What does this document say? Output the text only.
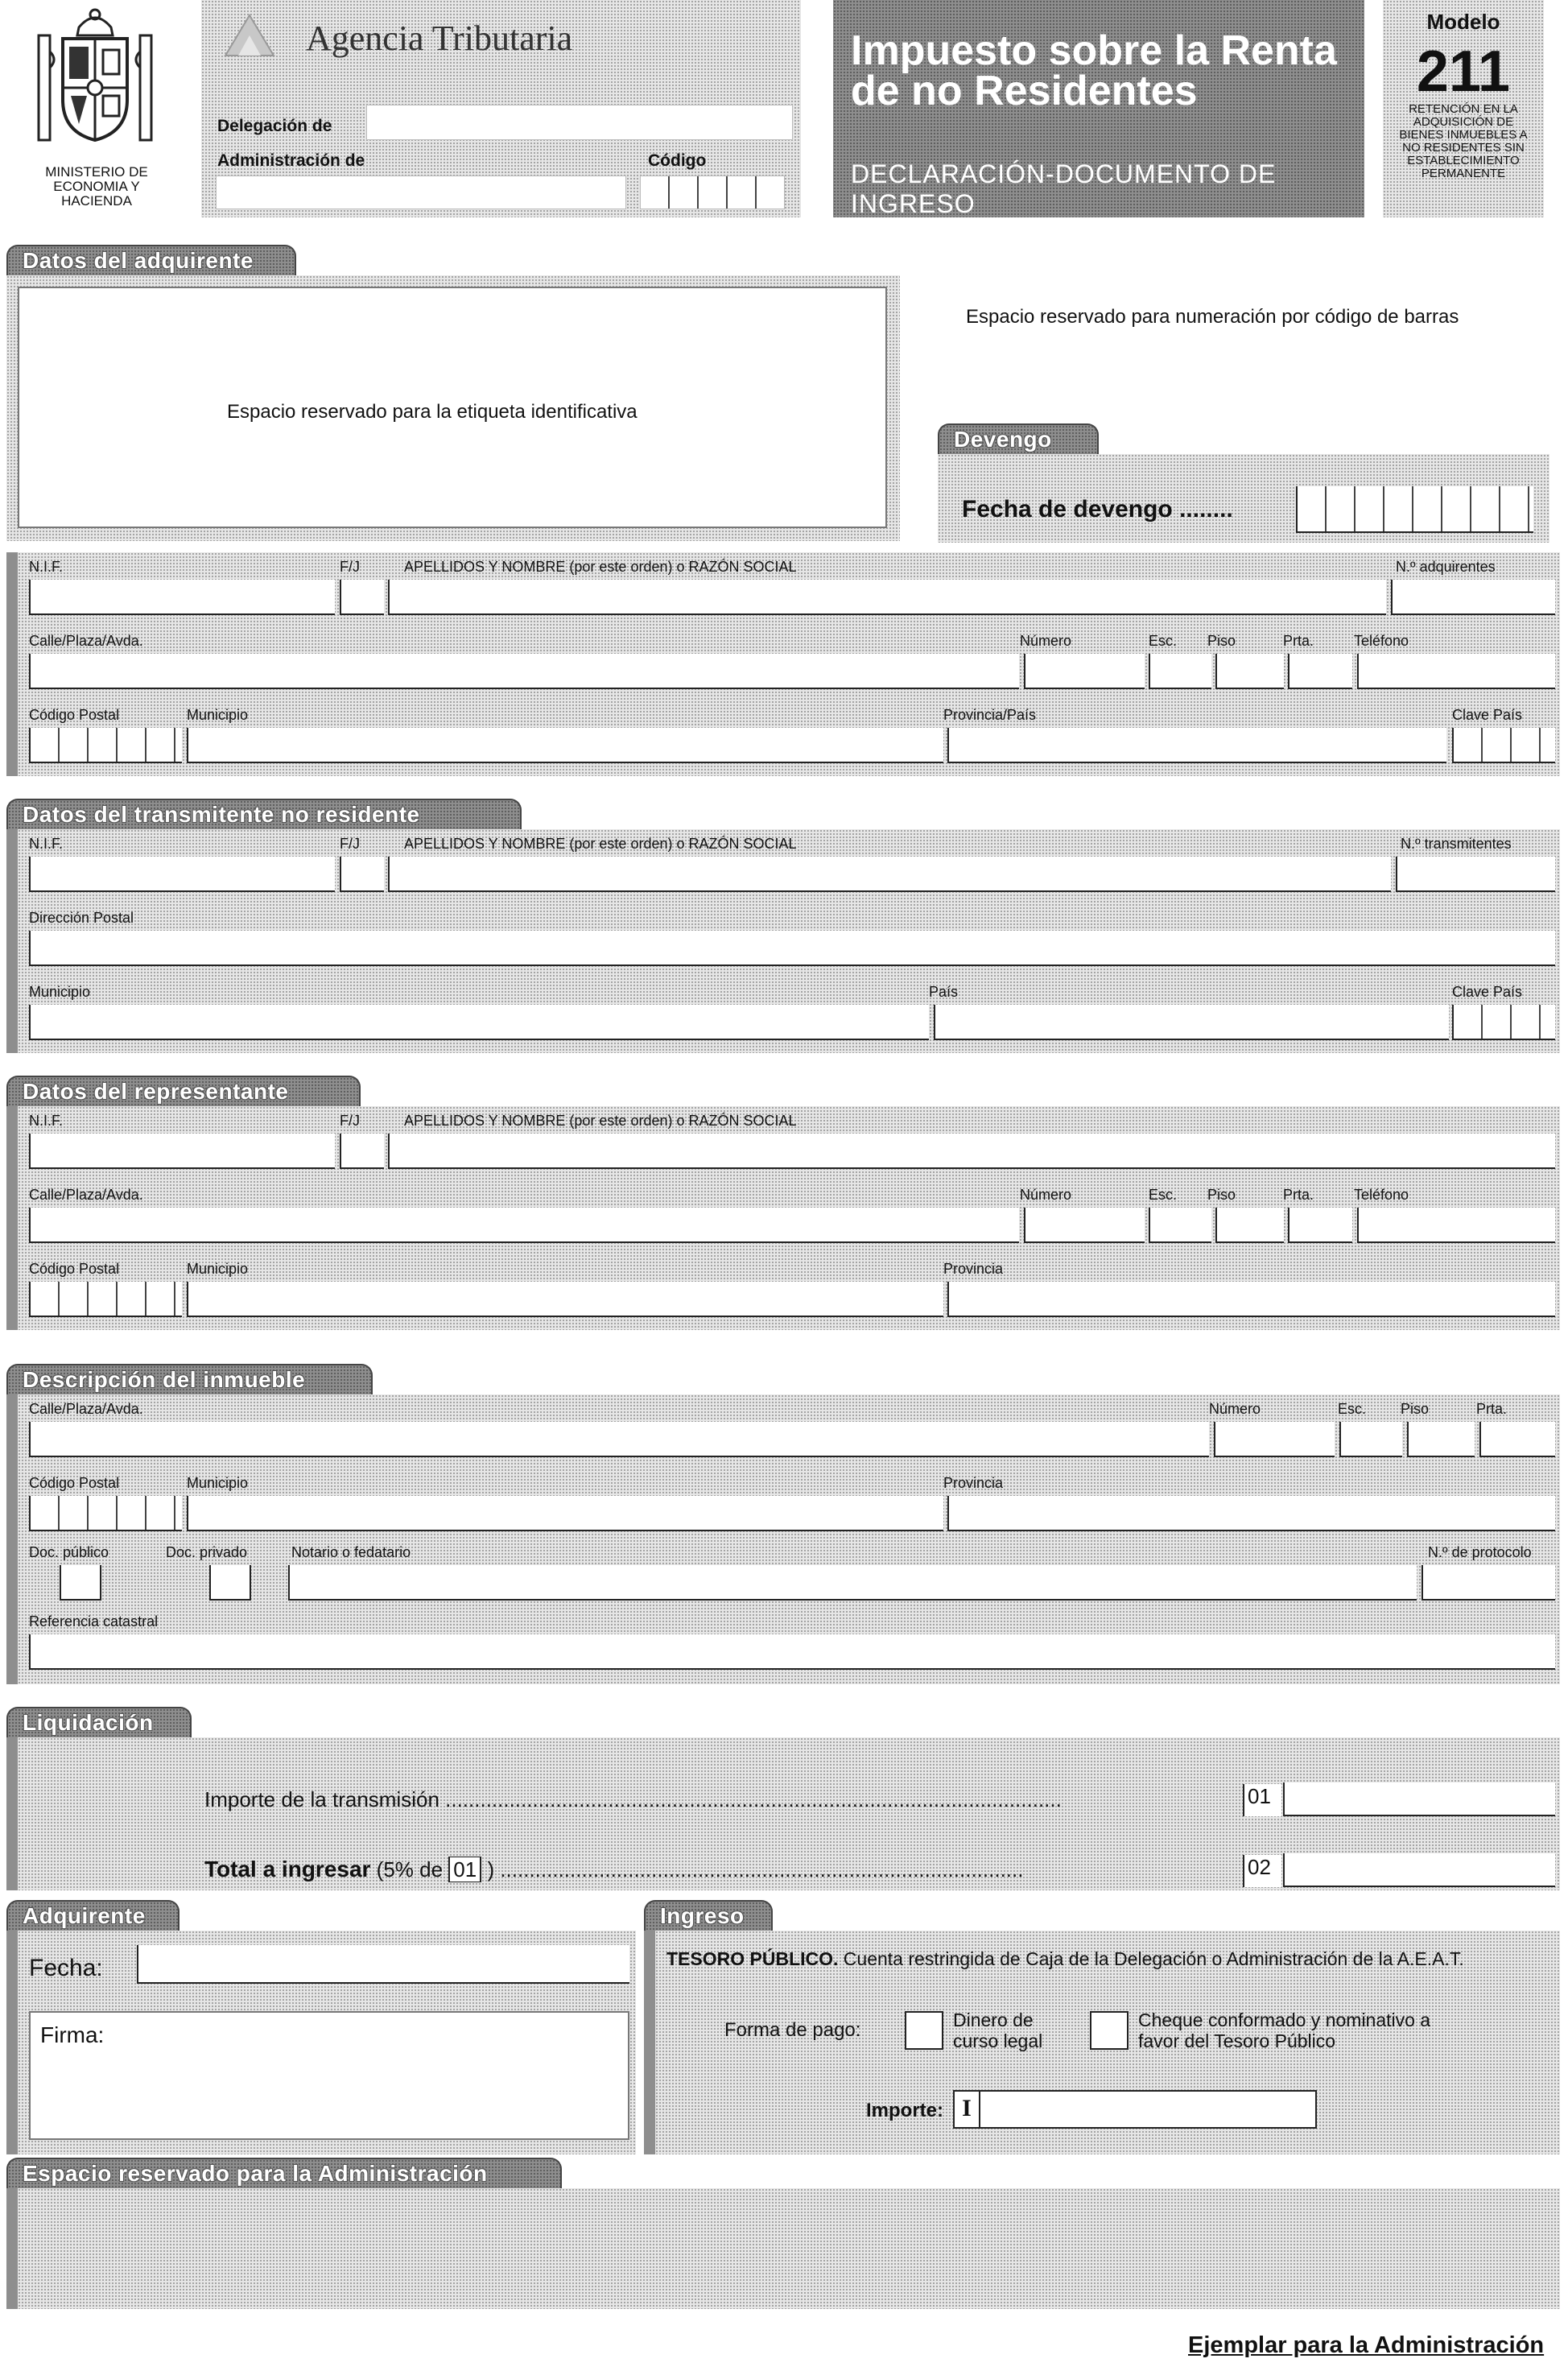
MINISTERIO DE ECONOMIA Y HACIENDA
Agencia Tributaria
Delegación de
Administración de	Código
Impuesto sobre la Renta de no Residentes
DECLARACIÓN-DOCUMENTO DE INGRESO
Modelo
211
RETENCIÓN EN LA ADQUISICIÓN DE BIENES INMUEBLES A NO RESIDENTES SIN ESTABLECIMIENTO PERMANENTE
Datos del adquirente
Espacio reservado para la etiqueta identificativa
Espacio reservado para numeración por código de barras
Devengo
Fecha de devengo ........
N.I.F.	F/J	APELLIDOS Y NOMBRE (por este orden) o RAZÓN SOCIAL	N.º adquirentes
Calle/Plaza/Avda.	Número	Esc. Piso	Prta.	Teléfono
Código Postal	Municipio	Provincia/País	Clave País
Datos del transmitente no residente
N.I.F.	F/J	APELLIDOS Y NOMBRE (por este orden) o RAZÓN SOCIAL	N.º transmitentes
Dirección Postal
Municipio	País	Clave País
Datos del representante
N.I.F.	F/J	APELLIDOS Y NOMBRE (por este orden) o RAZÓN SOCIAL
Calle/Plaza/Avda.	Número	Esc. Piso	Prta.	Teléfono
Código Postal	Municipio	Provincia
Descripción del inmueble
Calle/Plaza/Avda.	Número	Esc. Piso	Prta.
Código Postal	Municipio	Provincia
Doc. público	Doc. privado	Notario o fedatario	N.º de protocolo
Referencia catastral
Liquidación
Importe de la transmisión ..........................................................................................................	01
Total a ingresar (5% de 01 ) ..........................................................................................	02
Adquirente
Fecha:
Firma:
Ingreso
TESORO PÚBLICO. Cuenta restringida de Caja de la Delegación o Administración de la A.E.A.T.
Forma de pago:	Dinero de curso legal
Cheque conformado y nominativo a favor del Tesoro Público
Importe: I
Espacio reservado para la Administración
Ejemplar para la Administración
